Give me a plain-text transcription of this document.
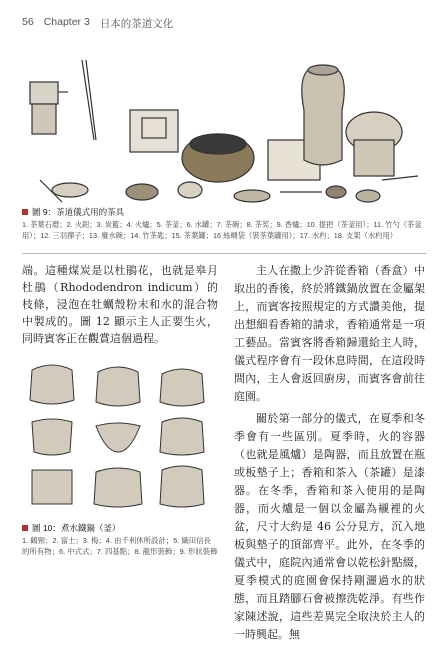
56 Chapter 3 日本的茶道文化
圖 9：茶道儀式用的茶具
1. 茶葉石磨；2. 火鉗；3. 炭籃；4. 火爐；5. 茶釜；6. 水罐；7. 茶碗；8. 茶筅；9. 香爐；10. 提把（茶釜用）；11. 竹勺（茶釜用）；12. 三羽撣子；13. 廢水碗；14. 竹茶匙；15. 茶葉罐；16 絲綢袋（裝茶葉罐用）；17. 水杓；18. 支架（水杓用）
端。這種煤炭是以杜鵑花，也就是皋月杜鵑（Rhododendron indicum）的枝條，浸泡在牡蠣殼粉末和水的混合物中製成的。圖 12 顯示主人正要生火，同時賓客正在觀賞這個過程。
圖 10：煮水鐵鍋（釜）
1. 鶴頸；2. 富士；3. 梅；4. 由千利休所設計；5. 織田信長的所有物；6. 中式式；7. 四基點；8. 龍形裝飾；9. 形狀裝飾

主人在撒上少許從香箱（香盒）中取出的香後，終於將鐵鍋放置在金屬架上，而賓客按照規定的方式讚美他，提出想細看香箱的請求，香箱通常是一項工藝品。當賓客將香箱歸還給主人時，儀式程序會有一段休息時間，在這段時間內，主人會返回廚房，而賓客會前往庭園。

關於第一部分的儀式，在夏季和冬季會有一些區別。夏季時，火的容器（也就是風爐）是陶器，而且放置在瓶或板墊子上；香箱和茶入（茶罐）是漆器。在冬季，香箱和茶入使用的是陶器，而火爐是一個以金屬為襯裡的火盆，尺寸大約是 46 公分見方，沉入地板與墊子的頂部齊平。此外，在冬季的儀式中，庭院內通常會以乾松針點綴，夏季模式的庭園會保持剛灑過水的狀態，而且踏腳石會被擦洗乾淨。有些作家陳述說，這些差異完全取決於主人的一時興起。無
